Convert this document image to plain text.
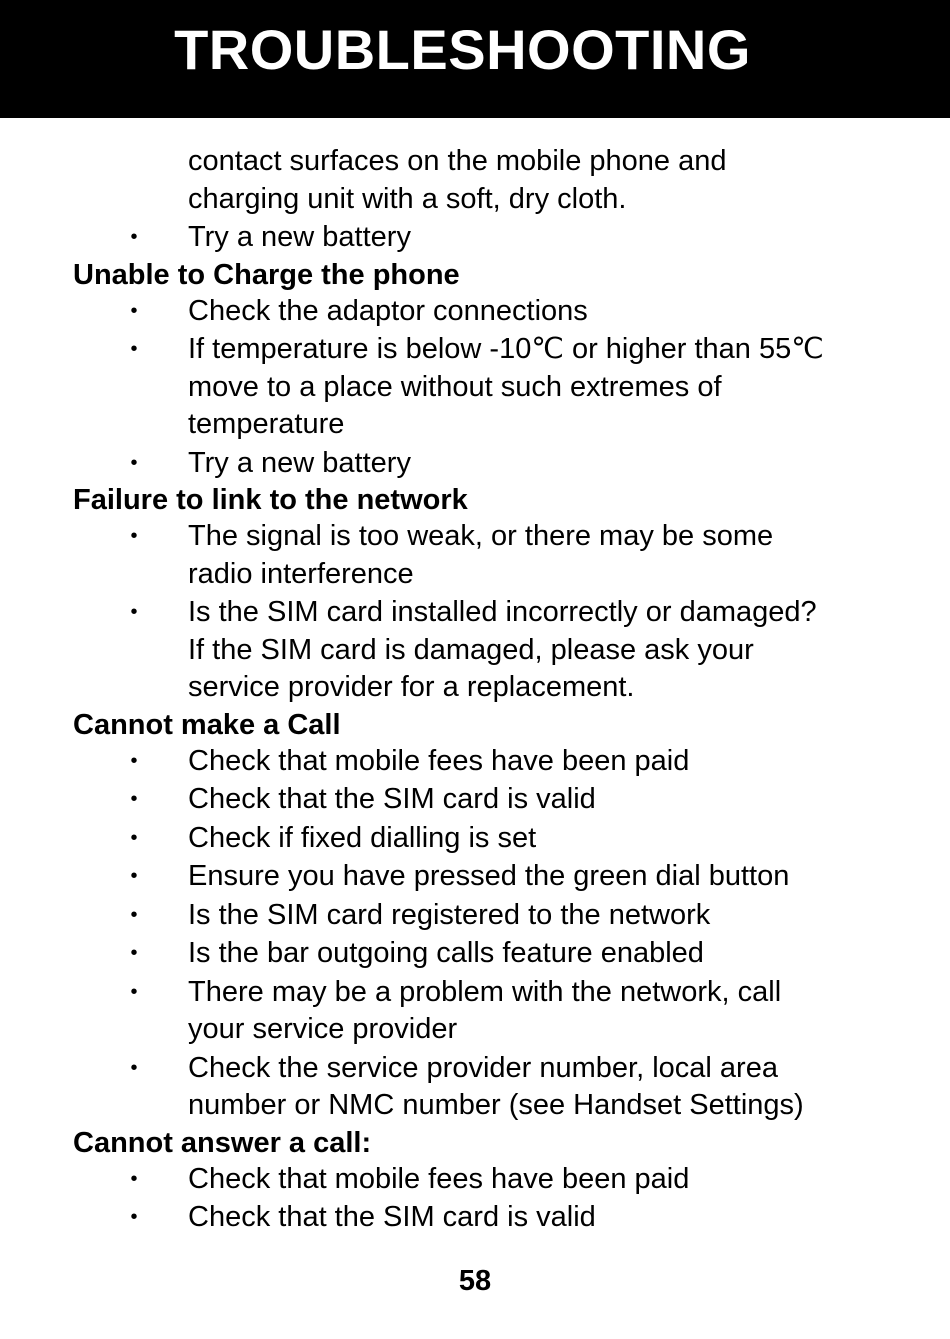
TROUBLESHOOTING
contact surfaces on the mobile phone and
charging unit with a soft, dry cloth.
• Try a new battery
Unable to Charge the phone
• Check the adaptor connections
• If temperature is below -10℃ or higher than 55℃
move to a place without such extremes of
temperature
• Try a new battery
Failure to link to the network
• The signal is too weak, or there may be some
radio interference
• Is the SIM card installed incorrectly or damaged?
If the SIM card is damaged, please ask your
service provider for a replacement.
Cannot make a Call
• Check that mobile fees have been paid
• Check that the SIM card is valid
• Check if fixed dialling is set
• Ensure you have pressed the green dial button
• Is the SIM card registered to the network
• Is the bar outgoing calls feature enabled
• There may be a problem with the network, call
your service provider
• Check the service provider number, local area
number or NMC number (see Handset Settings)
Cannot answer a call:
• Check that mobile fees have been paid
• Check that the SIM card is valid
58
